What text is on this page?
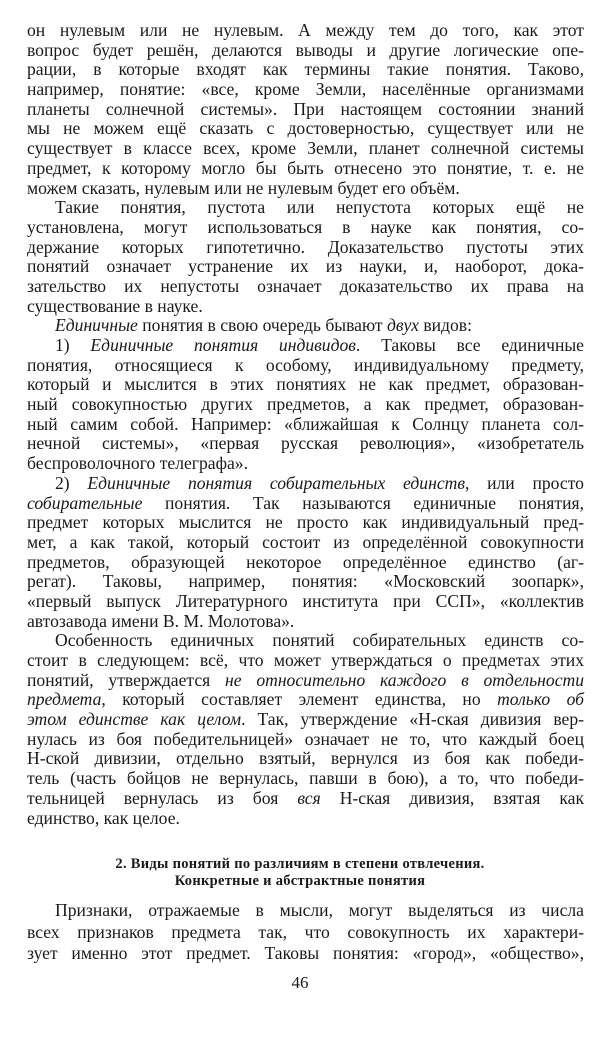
он нулевым или не нулевым. А между тем до того, как этот
вопрос будет решён, делаются выводы и другие логические опе-
рации, в которые входят как термины такие понятия. Таково,
например, понятие: «все, кроме Земли, населённые организмами
планеты солнечной системы». При настоящем состоянии знаний
мы не можем ещё сказать с достоверностью, существует или не
существует в классе всех, кроме Земли, планет солнечной системы
предмет, к которому могло бы быть отнесено это понятие, т. е. не
можем сказать, нулевым или не нулевым будет его объём.
Такие понятия, пустота или непустота которых ещё не
установлена, могут использоваться в науке как понятия, со-
держание которых гипотетично. Доказательство пустоты этих
понятий означает устранение их из науки, и, наоборот, дока-
зательство их непустоты означает доказательство их права на
существование в науке.
Единичные понятия в свою очередь бывают двух видов:
1) Единичные понятия индивидов. Таковы все единичные
понятия, относящиеся к особому, индивидуальному предмету,
который и мыслится в этих понятиях не как предмет, образован-
ный совокупностью других предметов, а как предмет, образован-
ный самим собой. Например: «ближайшая к Солнцу планета сол-
нечной системы», «первая русская революция», «изобретатель
беспроволочного телеграфа».
2) Единичные понятия собирательных единств, или просто
собирательные понятия. Так называются единичные понятия,
предмет которых мыслится не просто как индивидуальный пред-
мет, а как такой, который состоит из определённой совокупности
предметов, образующей некоторое определённое единство (аг-
регат). Таковы, например, понятия: «Московский зоопарк»,
«первый выпуск Литературного института при ССП», «коллектив
автозавода имени В. М. Молотова».
Особенность единичных понятий собирательных единств со-
стоит в следующем: всё, что может утверждаться о предметах этих
понятий, утверждается не относительно каждого в отдельности
предмета, который составляет элемент единства, но только об
этом единстве как целом. Так, утверждение «Н-ская дивизия вер-
нулась из боя победительницей» означает не то, что каждый боец
Н-ской дивизии, отдельно взятый, вернулся из боя как победи-
тель (часть бойцов не вернулась, павши в бою), а то, что победи-
тельницей вернулась из боя вся Н-ская дивизия, взятая как
единство, как целое.
2. Виды понятий по различиям в степени отвлечения.
Конкретные и абстрактные понятия
Признаки, отражаемые в мысли, могут выделяться из числа
всех признаков предмета так, что совокупность их характери-
зует именно этот предмет. Таковы понятия: «город», «общество»,
46
